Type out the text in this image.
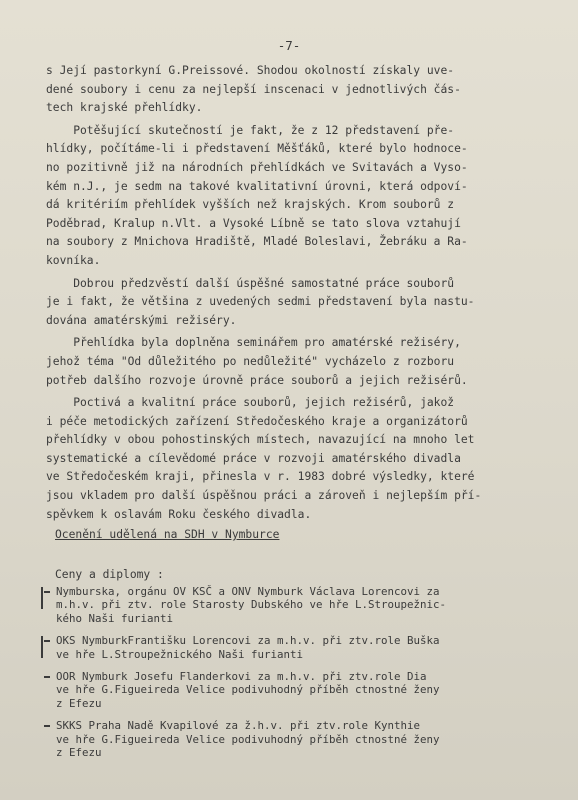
-7-

s Její pastorkyní G.Preissové. Shodou okolností získaly uve-
dené soubory i cenu za nejlepší inscenaci v jednotlivých čás-
tech krajské přehlídky.

Potěšující skutečností je fakt, že z 12 představení pře-
hlídky, počítáme-li i představení Měšťáků, které bylo hodnoce-
no pozitivně již na národních přehlídkách ve Svitavách a Vyso-
kém n.J., je sedm na takové kvalitativní úrovni, která odpoví-
dá kritériím přehlídek vyšších než krajských. Krom souborů z
Poděbrad, Kralup n.Vlt. a Vysoké Líbně se tato slova vztahují
na soubory z Mnichova Hradiště, Mladé Boleslavi, Žebráku a Ra-
kovníka.

Dobrou předzvěstí další úspěšné samostatné práce souborů
je i fakt, že většina z uvedených sedmi představení byla nastu-
dována amatérskými režiséry.

Přehlídka byla doplněna seminářem pro amatérské režiséry,
jehož téma "Od důležitého po nedůležité" vycházelo z rozboru
potřeb dalšího rozvoje úrovně práce souborů a jejich režisérů.

Poctivá a kvalitní práce souborů, jejich režisérů, jakož
i péče metodických zařízení Středočeského kraje a organizátorů
přehlídky v obou pohostinských místech, navazující na mnoho let
systematické a cílevědomé práce v rozvoji amatérského divadla
ve Středočeském kraji, přinesla v r. 1983 dobré výsledky, které
jsou vkladem pro další úspěšnou práci a zároveň i nejlepším pří-
spěvkem k oslavám Roku českého divadla.

Ocenění udělená na SDH v Nymburce
Ceny a diplomy :
Nymburska, orgánu OV KSČ a ONV Nymburk Václava Lorencovi za
m.h.v. při ztv. role Starosty Dubského ve hře L.Stroupežnic-
kého Naši furianti
OKS NymburkFrantišku Lorencovi za m.h.v. při ztv.role Buška
ve hře L.Stroupežnického Naši furianti
OOR Nymburk Josefu Flanderkovi za m.h.v. při ztv.role Dia
ve hře G.Figueireda Velice podivuhodný příběh ctnostné ženy
z Efezu
SKKS Praha Nadě Kvapilové za ž.h.v. při ztv.role Kynthie
ve hře G.Figueireda Velice podivuhodný příběh ctnostné ženy
z Efezu
